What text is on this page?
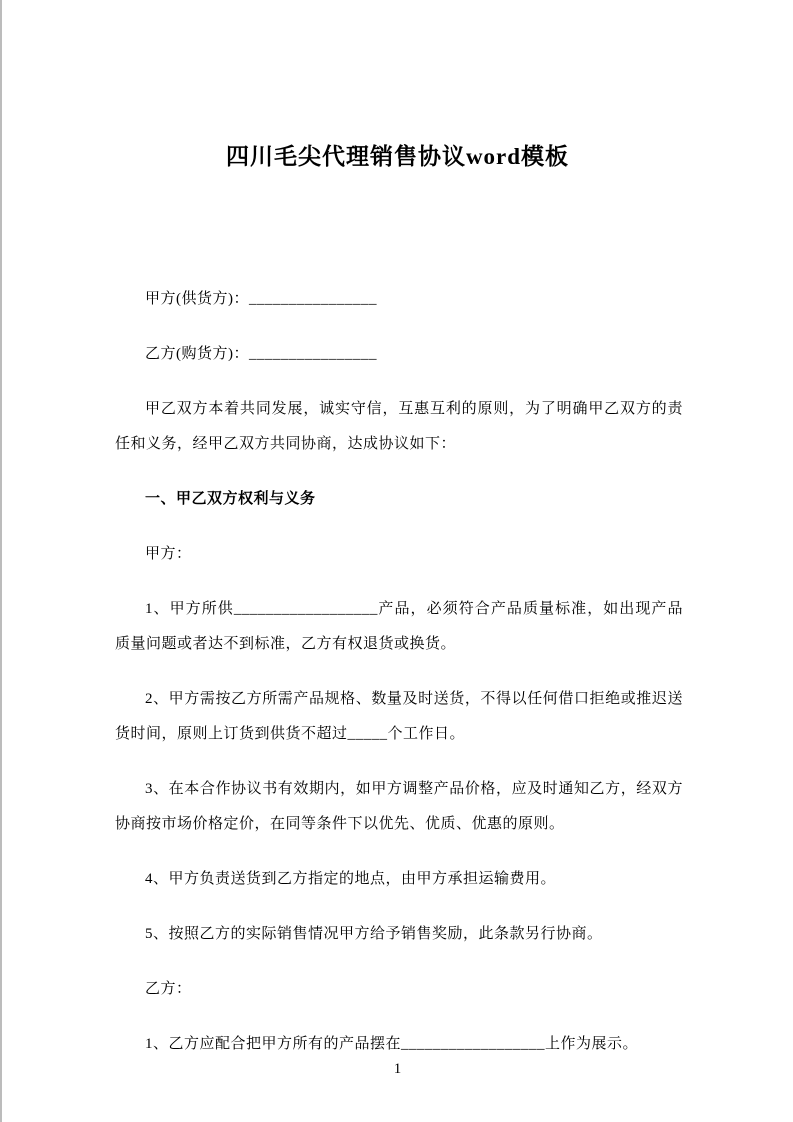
四川毛尖代理销售协议word模板

甲方(供货方)：________________

乙方(购货方)：________________

甲乙双方本着共同发展，诚实守信，互惠互利的原则，为了明确甲乙双方的责任和义务，经甲乙双方共同协商，达成协议如下：

一、甲乙双方权利与义务

甲方：

1、甲方所供__________________产品，必须符合产品质量标准，如出现产品质量问题或者达不到标准，乙方有权退货或换货。

2、甲方需按乙方所需产品规格、数量及时送货，不得以任何借口拒绝或推迟送货时间，原则上订货到供货不超过_____个工作日。

3、在本合作协议书有效期内，如甲方调整产品价格，应及时通知乙方，经双方协商按市场价格定价，在同等条件下以优先、优质、优惠的原则。

4、甲方负责送货到乙方指定的地点，由甲方承担运输费用。

5、按照乙方的实际销售情况甲方给予销售奖励，此条款另行协商。

乙方：

1、乙方应配合把甲方所有的产品摆在__________________上作为展示。

1
